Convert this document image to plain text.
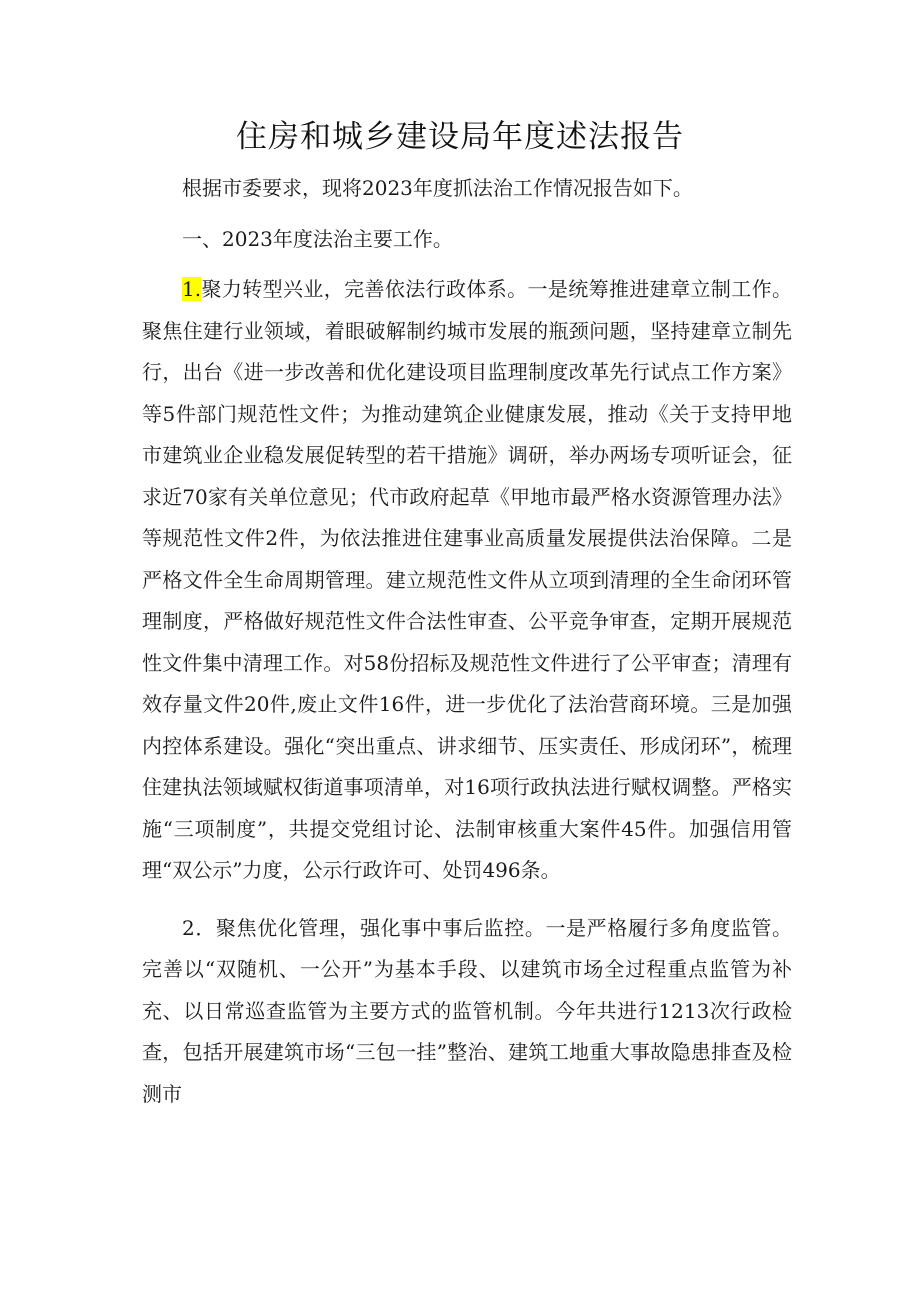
住房和城乡建设局年度述法报告

根据市委要求，现将2023年度抓法治工作情况报告如下。

一、2023年度法治主要工作。

1.聚力转型兴业，完善依法行政体系。一是统筹推进建章立制工作。聚焦住建行业领域，着眼破解制约城市发展的瓶颈问题，坚持建章立制先行，出台《进一步改善和优化建设项目监理制度改革先行试点工作方案》等5件部门规范性文件；为推动建筑企业健康发展，推动《关于支持甲地市建筑业企业稳发展促转型的若干措施》调研，举办两场专项听证会，征求近70家有关单位意见；代市政府起草《甲地市最严格水资源管理办法》等规范性文件2件，为依法推进住建事业高质量发展提供法治保障。二是严格文件全生命周期管理。建立规范性文件从立项到清理的全生命闭环管理制度，严格做好规范性文件合法性审查、公平竞争审查，定期开展规范性文件集中清理工作。对58份招标及规范性文件进行了公平审查；清理有效存量文件20件,废止文件16件，进一步优化了法治营商环境。三是加强内控体系建设。强化“突出重点、讲求细节、压实责任、形成闭环”，梳理住建执法领域赋权街道事项清单，对16项行政执法进行赋权调整。严格实施“三项制度”，共提交党组讨论、法制审核重大案件45件。加强信用管理“双公示”力度，公示行政许可、处罚496条。

2．聚焦优化管理，强化事中事后监控。一是严格履行多角度监管。完善以“双随机、一公开”为基本手段、以建筑市场全过程重点监管为补充、以日常巡查监管为主要方式的监管机制。今年共进行1213次行政检查，包括开展建筑市场“三包一挂”整治、建筑工地重大事故隐患排查及检测市
